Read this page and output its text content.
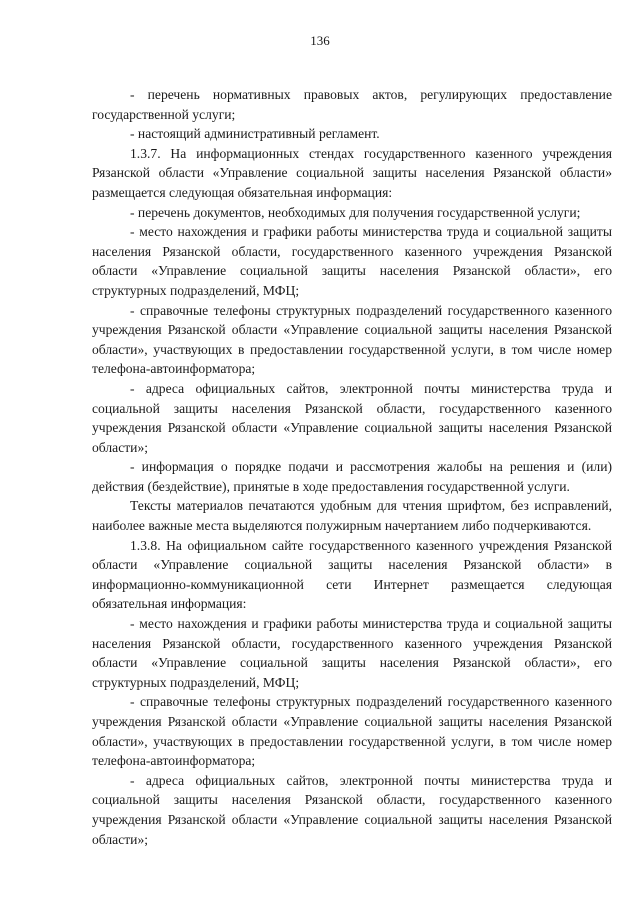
136

- перечень нормативных правовых актов, регулирующих предоставление государственной услуги;

- настоящий административный регламент.

1.3.7. На информационных стендах государственного казенного учреждения Рязанской области «Управление социальной защиты населения Рязанской области» размещается следующая обязательная информация:

- перечень документов, необходимых для получения государственной услуги;

- место нахождения и графики работы министерства труда и социальной защиты населения Рязанской области, государственного казенного учреждения Рязанской области «Управление социальной защиты населения Рязанской области», его структурных подразделений, МФЦ;

- справочные телефоны структурных подразделений государственного казенного учреждения Рязанской области «Управление социальной защиты населения Рязанской области», участвующих в предоставлении государственной услуги, в том числе номер телефона-автоинформатора;

- адреса официальных сайтов, электронной почты министерства труда и социальной защиты населения Рязанской области, государственного казенного учреждения Рязанской области «Управление социальной защиты населения Рязанской области»;

- информация о порядке подачи и рассмотрения жалобы на решения и (или) действия (бездействие), принятые в ходе предоставления государственной услуги.

Тексты материалов печатаются удобным для чтения шрифтом, без исправлений, наиболее важные места выделяются полужирным начертанием либо подчеркиваются.

1.3.8. На официальном сайте государственного казенного учреждения Рязанской области «Управление социальной защиты населения Рязанской области» в информационно-коммуникационной сети Интернет размещается следующая обязательная информация:

- место нахождения и графики работы министерства труда и социальной защиты населения Рязанской области, государственного казенного учреждения Рязанской области «Управление социальной защиты населения Рязанской области», его структурных подразделений, МФЦ;

- справочные телефоны структурных подразделений государственного казенного учреждения Рязанской области «Управление социальной защиты населения Рязанской области», участвующих в предоставлении государственной услуги, в том числе номер телефона-автоинформатора;

- адреса официальных сайтов, электронной почты министерства труда и социальной защиты населения Рязанской области, государственного казенного учреждения Рязанской области «Управление социальной защиты населения Рязанской области»;
